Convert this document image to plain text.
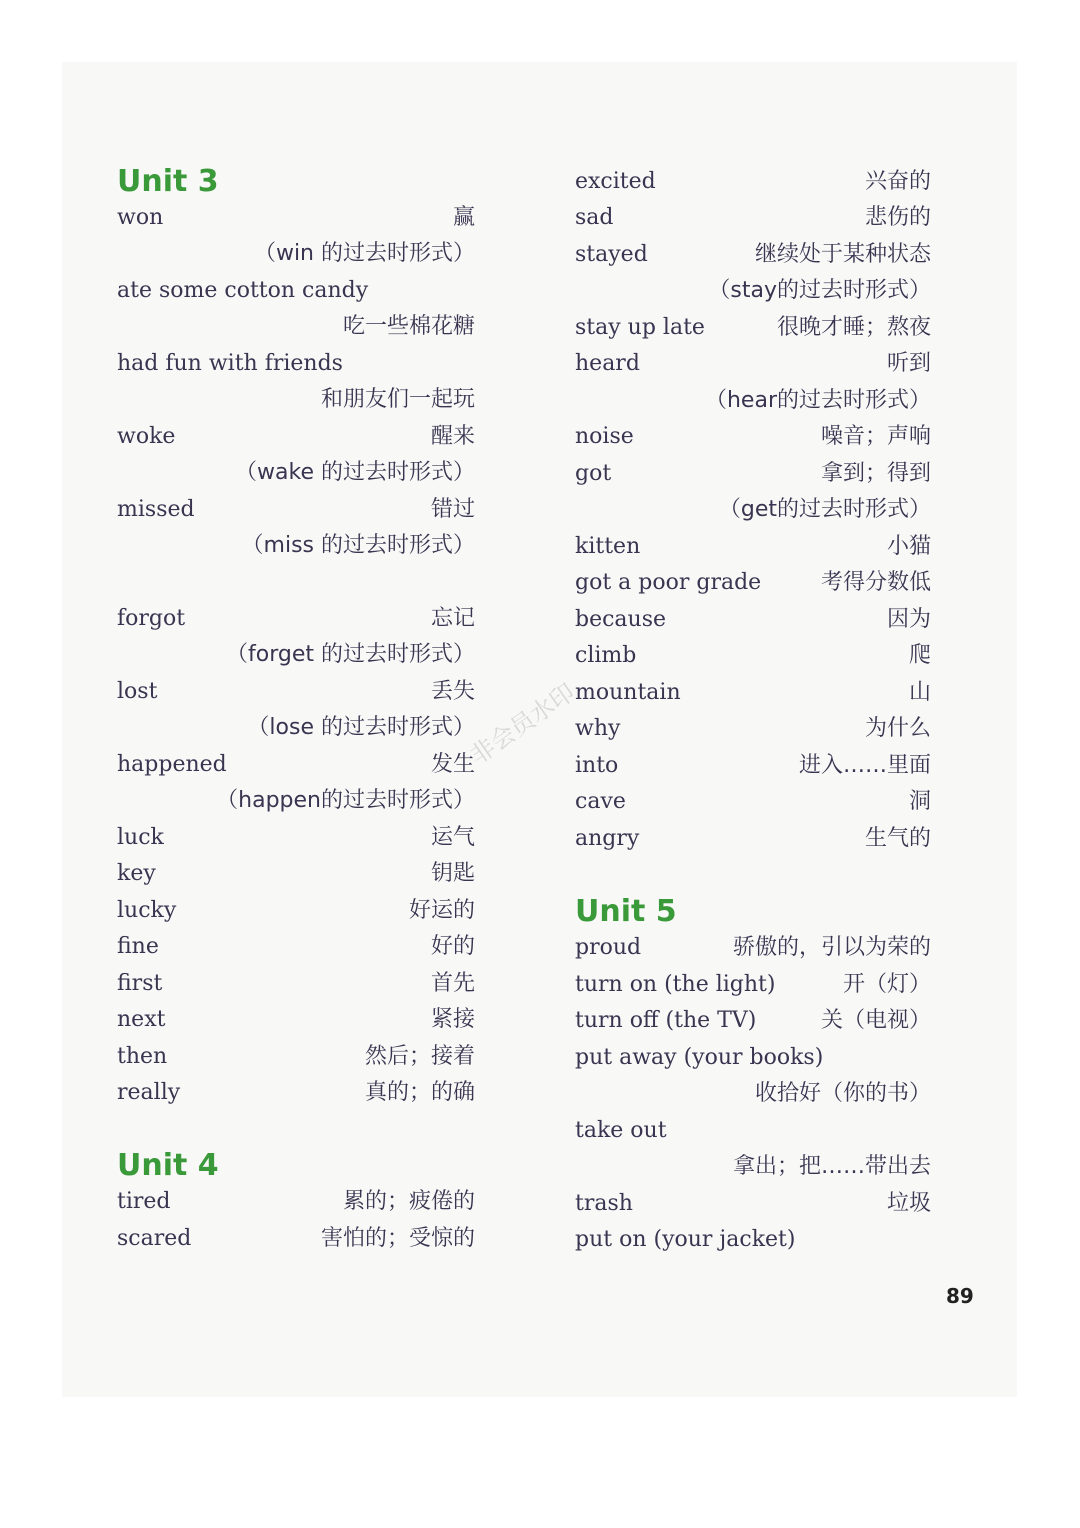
Unit 3
won	赢
（win 的过去时形式）
ate some cotton candy
吃一些棉花糖
had fun with friends
和朋友们一起玩
woke	醒来
（wake 的过去时形式）
missed	错过
（miss 的过去时形式）
forgot	忘记
（forget 的过去时形式）
lost	丢失
（lose 的过去时形式）
happened	发生
（happen的过去时形式）
luck	运气
key	钥匙
lucky	好运的
fine	好的
first	首先
next	紧接
then	然后；接着
really	真的；的确
Unit 4
tired	累的；疲倦的
scared	害怕的；受惊的
excited	兴奋的
sad	悲伤的
stayed	继续处于某种状态
（stay的过去时形式）
stay up late	很晚才睡；熬夜
heard	听到
（hear的过去时形式）
noise	噪音；声响
got	拿到；得到
（get的过去时形式）
kitten	小猫
got a poor grade	考得分数低
because	因为
climb	爬
mountain	山
why	为什么
into	进入……里面
cave	洞
angry	生气的
Unit 5
proud	骄傲的，引以为荣的
turn on (the light)	开（灯）
turn off (the TV)	关（电视）
put away (your books)
收拾好（你的书）
take out
拿出；把……带出去
trash	垃圾
put on (your jacket)
非会员水印
89
